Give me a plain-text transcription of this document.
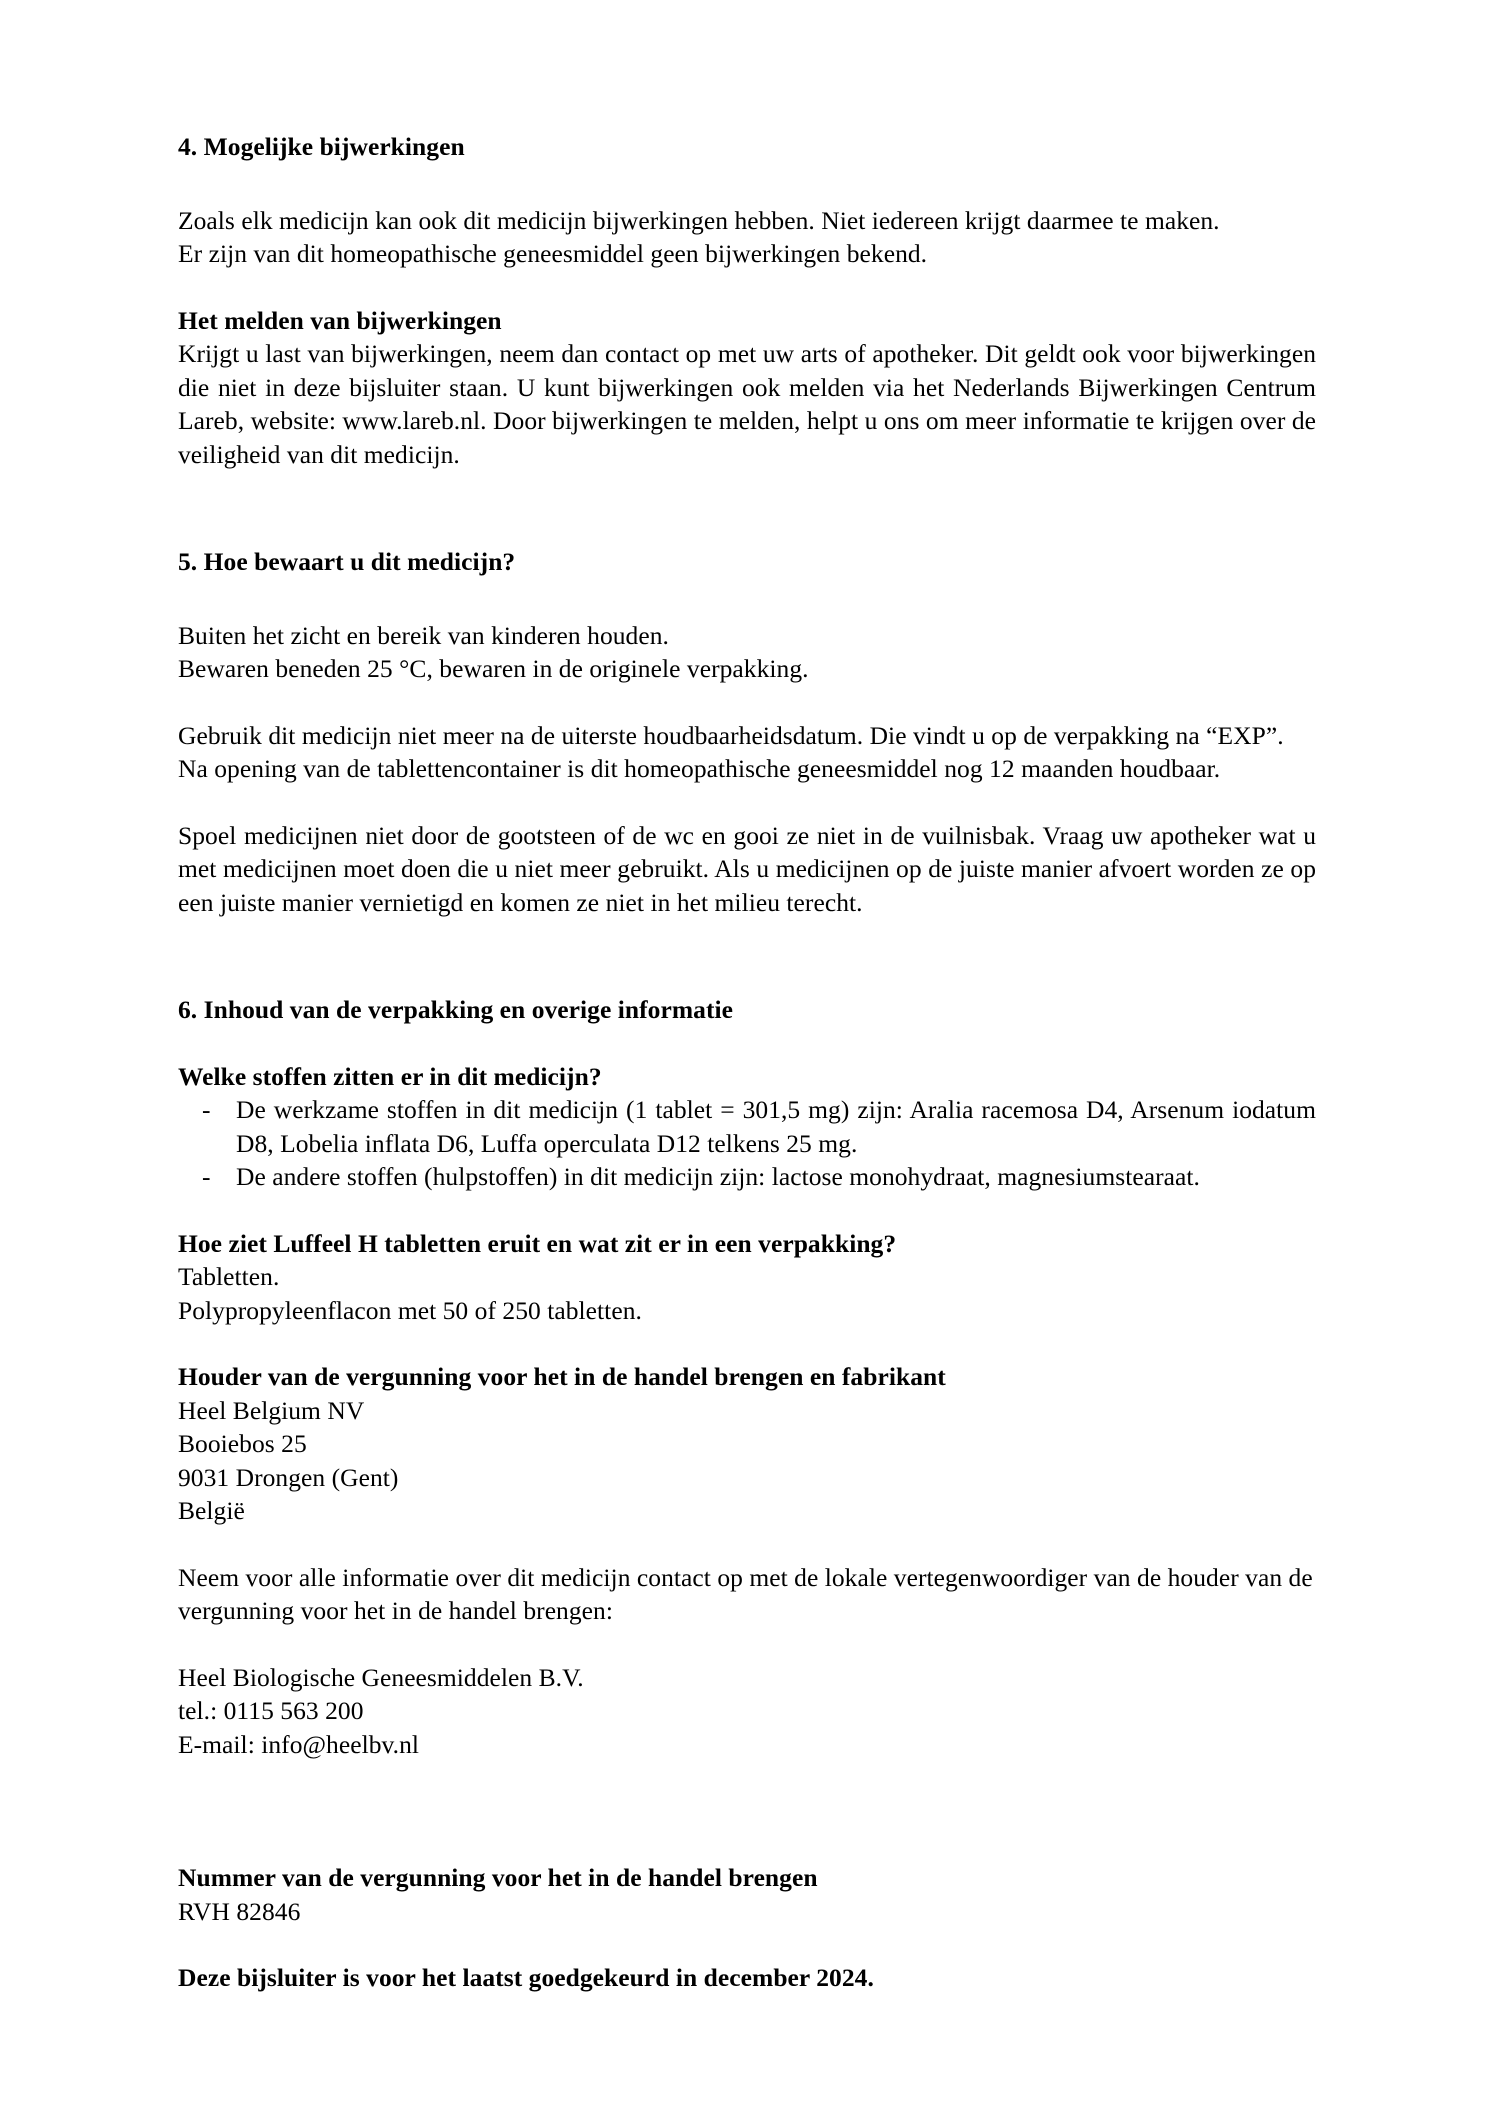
4. Mogelijke bijwerkingen
Zoals elk medicijn kan ook dit medicijn bijwerkingen hebben. Niet iedereen krijgt daarmee te maken.
Er zijn van dit homeopathische geneesmiddel geen bijwerkingen bekend.
Het melden van bijwerkingen

Krijgt u last van bijwerkingen, neem dan contact op met uw arts of apotheker. Dit geldt ook voor bijwerkingen die niet in deze bijsluiter staan. U kunt bijwerkingen ook melden via het Nederlands Bijwerkingen Centrum Lareb, website: www.lareb.nl. Door bijwerkingen te melden, helpt u ons om meer informatie te krijgen over de veiligheid van dit medicijn.

5. Hoe bewaart u dit medicijn?
Buiten het zicht en bereik van kinderen houden.
Bewaren beneden 25 °C, bewaren in de originele verpakking.

Gebruik dit medicijn niet meer na de uiterste houdbaarheidsdatum. Die vindt u op de verpakking na “EXP”.

Na opening van de tablettencontainer is dit homeopathische geneesmiddel nog 12 maanden houdbaar.

Spoel medicijnen niet door de gootsteen of de wc en gooi ze niet in de vuilnisbak. Vraag uw apotheker wat u met medicijnen moet doen die u niet meer gebruikt. Als u medicijnen op de juiste manier afvoert worden ze op een juiste manier vernietigd en komen ze niet in het milieu terecht.

6. Inhoud van de verpakking en overige informatie
Welke stoffen zitten er in dit medicijn?
-	De werkzame stoffen in dit medicijn (1 tablet = 301,5 mg) zijn: Aralia racemosa D4, Arsenum iodatum D8, Lobelia inflata D6, Luffa operculata D12 telkens 25 mg.
-	De andere stoffen (hulpstoffen) in dit medicijn zijn: lactose monohydraat, magnesiumstearaat.
Hoe ziet Luffeel H tabletten eruit en wat zit er in een verpakking?
Tabletten.
Polypropyleenflacon met 50 of 250 tabletten.
Houder van de vergunning voor het in de handel brengen en fabrikant
Heel Belgium NV
Booiebos 25
9031 Drongen (Gent)
België

Neem voor alle informatie over dit medicijn contact op met de lokale vertegenwoordiger van de houder van de vergunning voor het in de handel brengen:

Heel Biologische Geneesmiddelen B.V.
tel.: 0115 563 200
E-mail: info@heelbv.nl
Nummer van de vergunning voor het in de handel brengen
RVH 82846
Deze bijsluiter is voor het laatst goedgekeurd in december 2024.
